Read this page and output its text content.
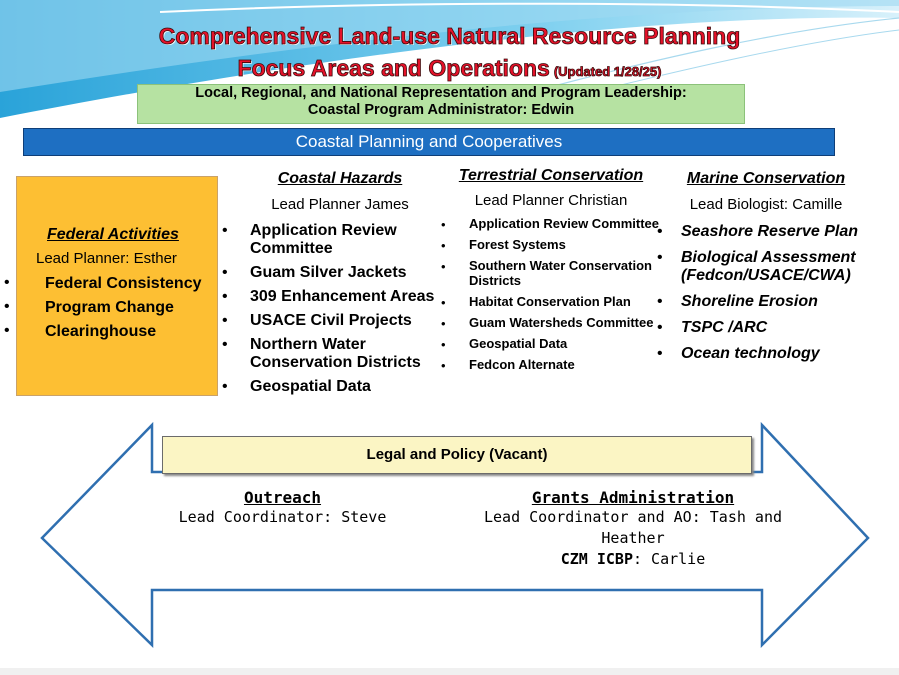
Comprehensive Land-use Natural Resource Planning
Focus Areas and Operations (Updated 1/28/25)
Local, Regional, and National Representation and Program Leadership:
Coastal Program Administrator: Edwin
Coastal Planning and Cooperatives
Federal Activities
Lead Planner: Esther
• Federal Consistency
• Program Change
• Clearinghouse
Coastal Hazards
Lead Planner James
• Application Review Committee
• Guam Silver Jackets
• 309 Enhancement Areas
• USACE Civil Projects
• Northern Water Conservation Districts
• Geospatial Data
Terrestrial Conservation
Lead Planner Christian
• Application Review Committee
• Forest Systems
• Southern Water Conservation Districts
• Habitat Conservation Plan
• Guam Watersheds Committee
• Geospatial Data
• Fedcon Alternate
Marine Conservation
Lead Biologist: Camille
• Seashore Reserve Plan
• Biological Assessment (Fedcon/USACE/CWA)
• Shoreline Erosion
• TSPC /ARC
• Ocean technology
Legal and Policy (Vacant)
Outreach
Lead Coordinator: Steve
Grants Administration
Lead Coordinator and AO: Tash and Heather
CZM ICBP: Carlie
